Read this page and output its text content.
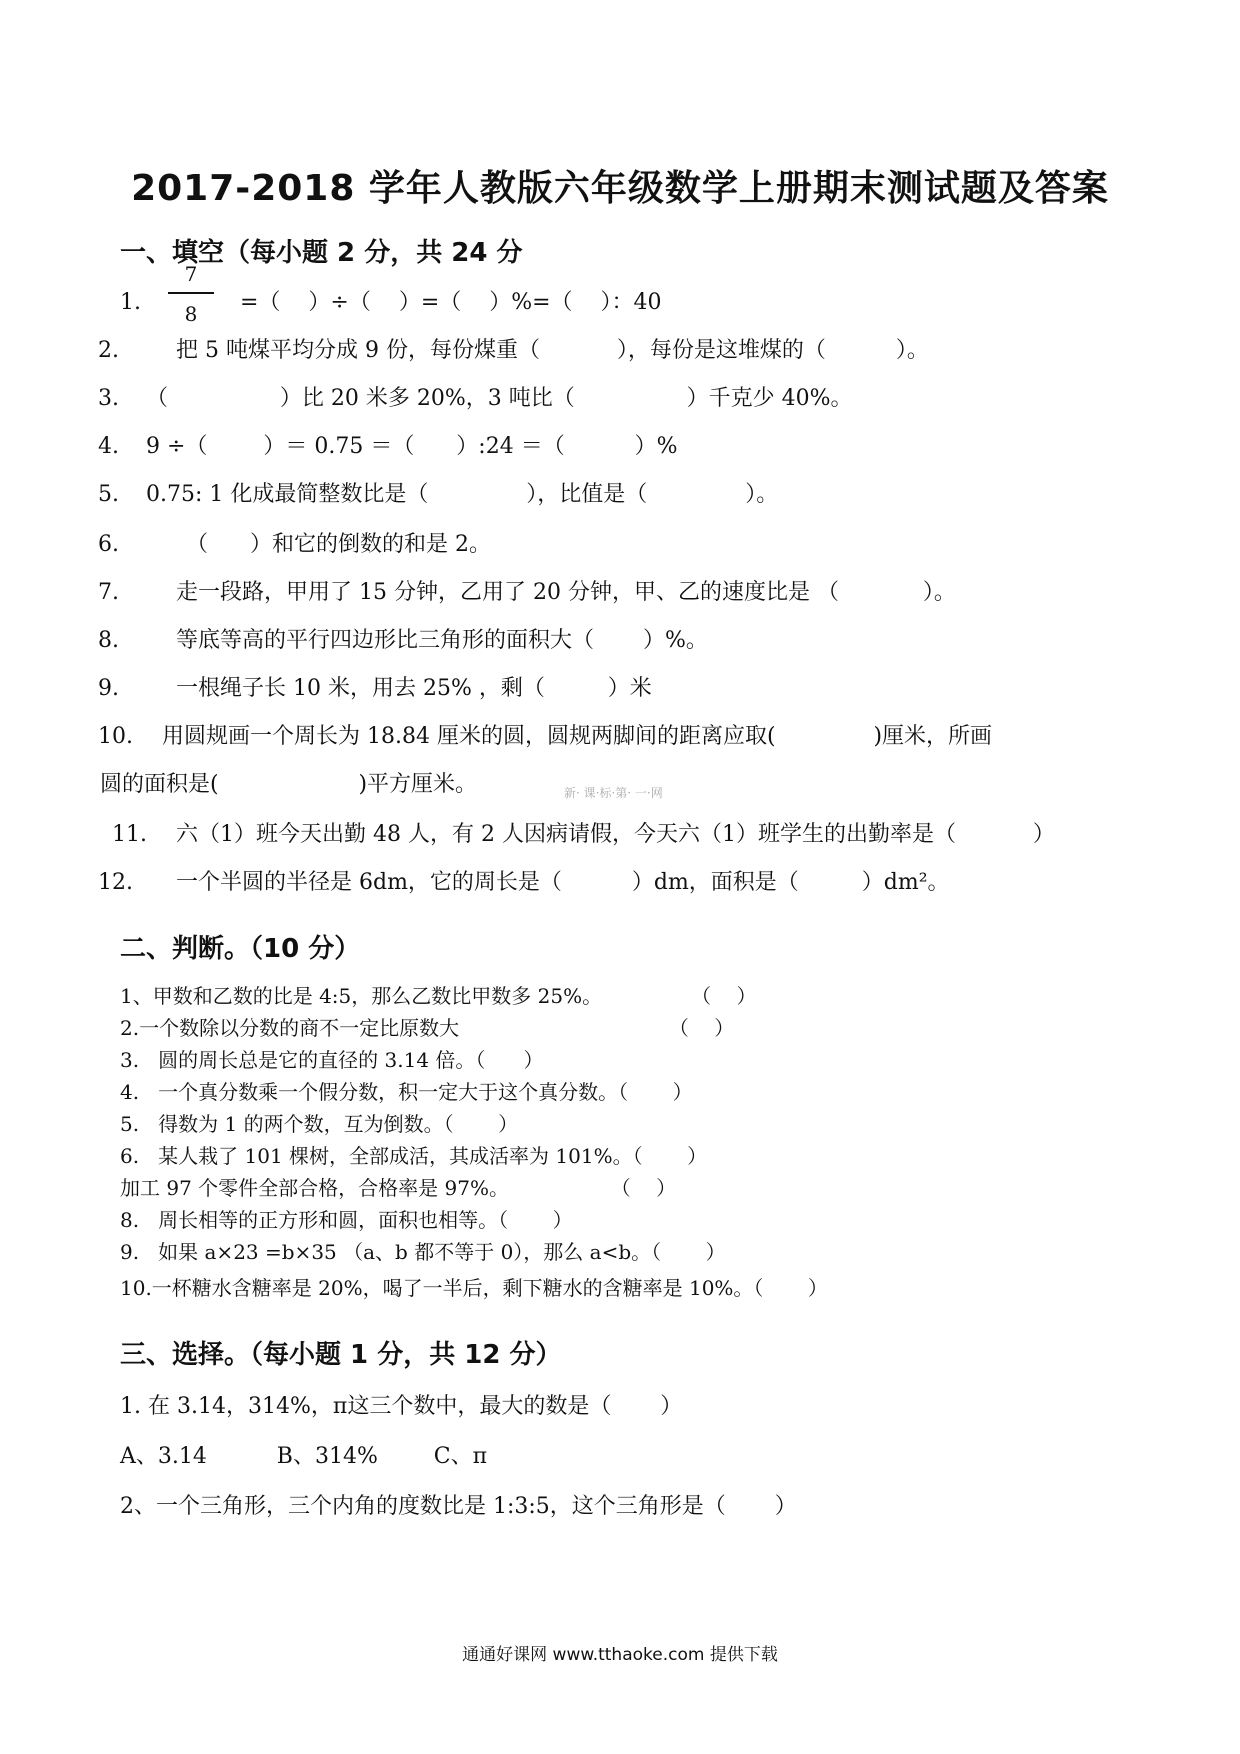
2017-2018 学年人教版六年级数学上册期末测试题及答案
一、填空（每小题 2 分，共 24 分
1.
7
8	=（    ）÷（    ）=（    ）%=（    ）：40
2.	把 5 吨煤平均分成 9 份，每份煤重（           ），每份是这堆煤的（          ）。
3. （                ）比 20 米多 20%，3 吨比（                ）千克少 40%。
4. 9 ÷（        ）＝ 0.75 ＝（      ）:24 ＝（          ）%
5. 0.75: 1 化成最简整数比是（              ），比值是（              ）。
6.	（      ）和它的倒数的和是 2。
7.	走一段路，甲用了 15 分钟，乙用了 20 分钟，甲、乙的速度比是 （            ）。
8.	等底等高的平行四边形比三角形的面积大（       ）%。
9.	一根绳子长 10 米，用去 25% ，剩（         ）米
10. 用圆规画一个周长为 18.84 厘米的圆，圆规两脚间的距离应取(              )厘米，所画
圆的面积是(                    )平方厘米。	新· 课·标·第· 一·网
11. 六（1）班今天出勤 48 人，有 2 人因病请假，今天六（1）班学生的出勤率是（           ）
12. 一个半圆的半径是 6dm，它的周长是（          ）dm，面积是（         ）dm²。
二、判断。（10 分）
1、甲数和乙数的比是 4:5，那么乙数比甲数多 25%。              （    ）
2.一个数除以分数的商不一定比原数大                                 （    ）
3.   圆的周长总是它的直径的 3.14 倍。（      ）
4.   一个真分数乘一个假分数，积一定大于这个真分数。（       ）
5.   得数为 1 的两个数，互为倒数。（       ）
6.   某人栽了 101 棵树，全部成活，其成活率为 101%。（       ）
加工 97 个零件全部合格，合格率是 97%。                （    ）
8.   周长相等的正方形和圆，面积也相等。（       ）
9.   如果 a×23 =b×35 （a、b 都不等于 0），那么 a<b。（       ）
10.一杯糖水含糖率是 20%，喝了一半后，剩下糖水的含糖率是 10%。（       ）
三、选择。（每小题 1 分，共 12 分）
1. 在 3.14，314%，π这三个数中，最大的数是（       ）
A、3.14          B、314%        C、π
2、一个三角形，三个内角的度数比是 1:3:5，这个三角形是（       ）
通通好课网 www.tthaoke.com 提供下载
